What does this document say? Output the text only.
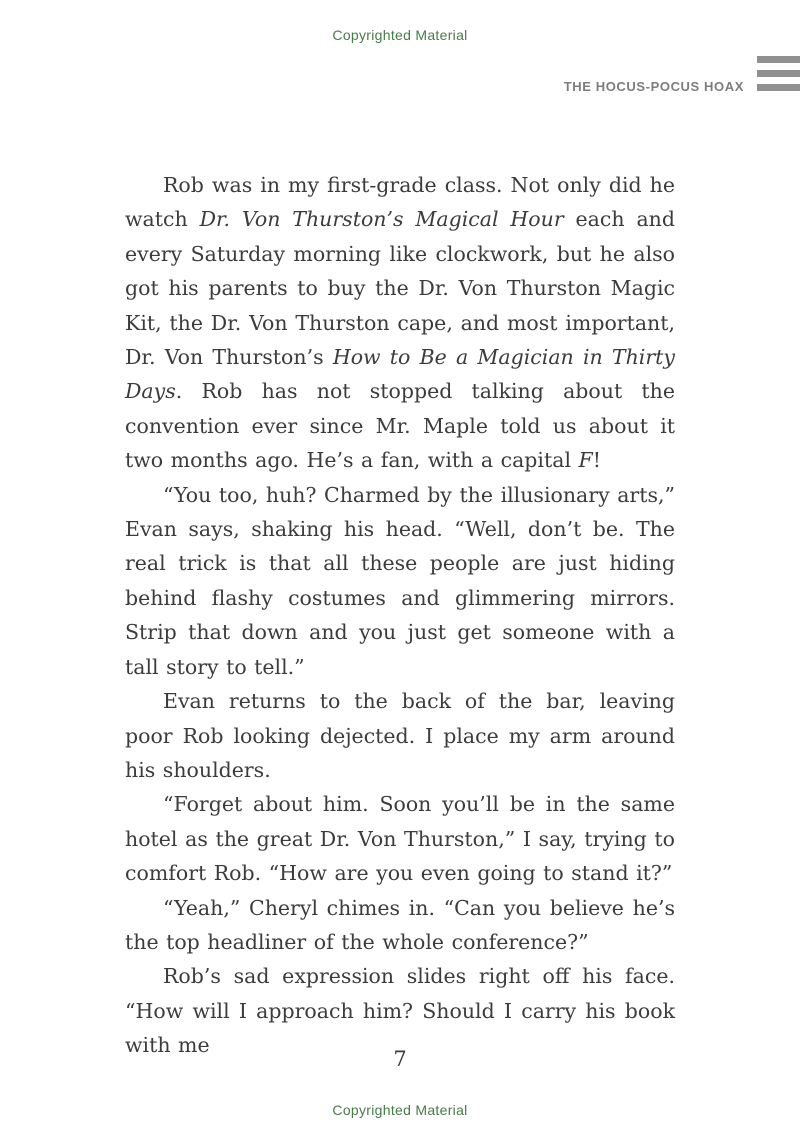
Copyrighted Material
THE HOCUS-POCUS HOAX

Rob was in my first-grade class. Not only did he watch Dr. Von Thurston’s Magical Hour each and every Saturday morning like clockwork, but he also got his parents to buy the Dr. Von Thurston Magic Kit, the Dr. Von Thurston cape, and most important, Dr. Von Thurston’s How to Be a Magician in Thirty Days. Rob has not stopped talking about the convention ever since Mr. Maple told us about it two months ago. He’s a fan, with a capital F!

“You too, huh? Charmed by the illusionary arts,” Evan says, shaking his head. “Well, don’t be. The real trick is that all these people are just hiding behind flashy costumes and glimmering mirrors. Strip that down and you just get someone with a tall story to tell.”

Evan returns to the back of the bar, leaving poor Rob looking dejected. I place my arm around his shoulders.

“Forget about him. Soon you’ll be in the same hotel as the great Dr. Von Thurston,” I say, trying to comfort Rob. “How are you even going to stand it?”

“Yeah,” Cheryl chimes in. “Can you believe he’s the top headliner of the whole conference?”

Rob’s sad expression slides right off his face. “How will I approach him? Should I carry his book with me

7
Copyrighted Material
